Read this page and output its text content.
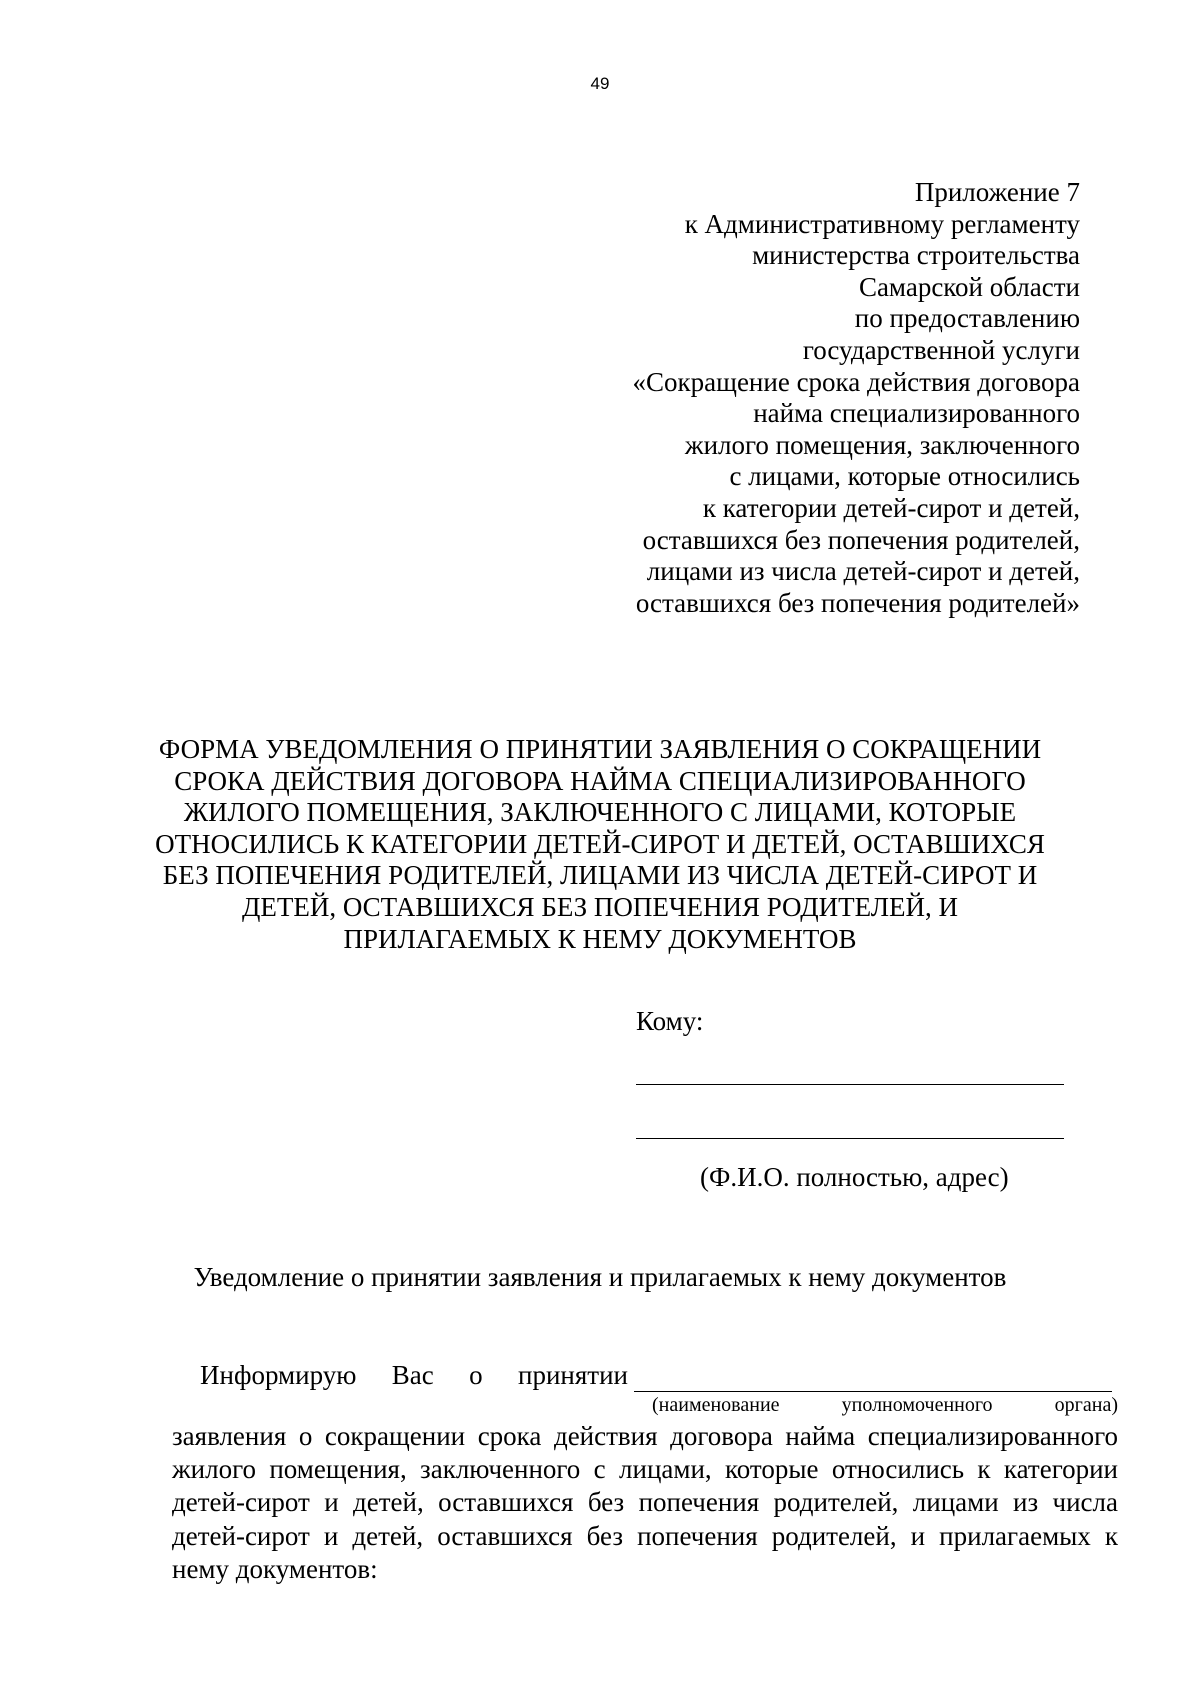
49
Приложение 7
к Административному регламенту
министерства строительства
Самарской области
по предоставлению
государственной услуги
«Сокращение срока действия договора
найма специализированного
жилого помещения, заключенного
с лицами, которые относились
к категории детей-сирот и детей,
оставшихся без попечения родителей,
лицами из числа детей-сирот и детей,
оставшихся без попечения родителей»
ФОРМА УВЕДОМЛЕНИЯ О ПРИНЯТИИ ЗАЯВЛЕНИЯ О СОКРАЩЕНИИ
СРОКА ДЕЙСТВИЯ ДОГОВОРА НАЙМА СПЕЦИАЛИЗИРОВАННОГО
ЖИЛОГО ПОМЕЩЕНИЯ, ЗАКЛЮЧЕННОГО С ЛИЦАМИ, КОТОРЫЕ
ОТНОСИЛИСЬ К КАТЕГОРИИ ДЕТЕЙ-СИРОТ И ДЕТЕЙ, ОСТАВШИХСЯ
БЕЗ ПОПЕЧЕНИЯ РОДИТЕЛЕЙ, ЛИЦАМИ ИЗ ЧИСЛА ДЕТЕЙ-СИРОТ И
ДЕТЕЙ, ОСТАВШИХСЯ БЕЗ ПОПЕЧЕНИЯ РОДИТЕЛЕЙ, И
ПРИЛАГАЕМЫХ К НЕМУ ДОКУМЕНТОВ
Кому:
(Ф.И.О. полностью, адрес)
Уведомление о принятии заявления и прилагаемых к нему документов
Информирую Вас о принятии
(наименование	уполномоченного	органа)
заявления о сокращении срока действия договора найма специализированного
жилого помещения, заключенного с лицами, которые относились к категории
детей-сирот и детей, оставшихся без попечения родителей, лицами из числа
детей-сирот и детей, оставшихся без попечения родителей, и прилагаемых к
нему документов:
